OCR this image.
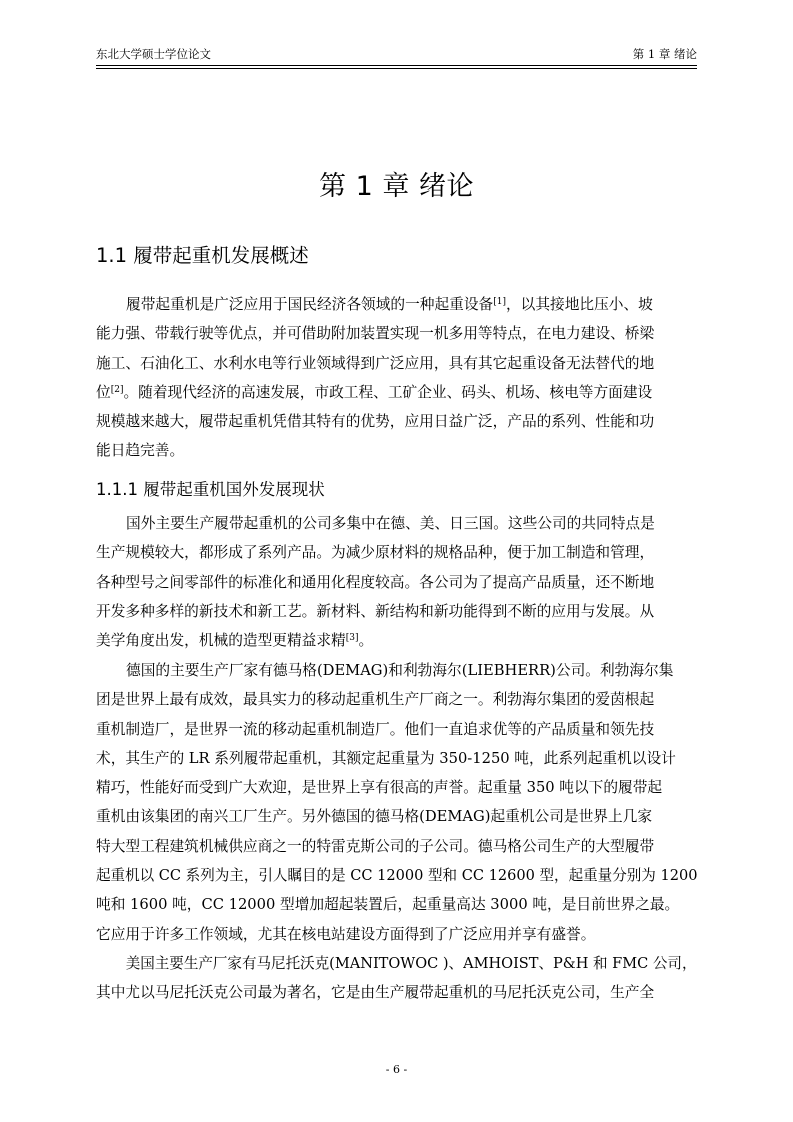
东北大学硕士学位论文	第 1 章 绪论
第 1 章 绪论
1.1 履带起重机发展概述
履带起重机是广泛应用于国民经济各领域的一种起重设备[1]，以其接地比压小、坡
能力强、带载行驶等优点，并可借助附加装置实现一机多用等特点，在电力建设、桥梁
施工、石油化工、水利水电等行业领域得到广泛应用，具有其它起重设备无法替代的地
位[2]。随着现代经济的高速发展，市政工程、工矿企业、码头、机场、核电等方面建设
规模越来越大，履带起重机凭借其特有的优势，应用日益广泛，产品的系列、性能和功
能日趋完善。
1.1.1 履带起重机国外发展现状
国外主要生产履带起重机的公司多集中在德、美、日三国。这些公司的共同特点是
生产规模较大，都形成了系列产品。为减少原材料的规格品种，便于加工制造和管理，
各种型号之间零部件的标准化和通用化程度较高。各公司为了提高产品质量，还不断地
开发多种多样的新技术和新工艺。新材料、新结构和新功能得到不断的应用与发展。从
美学角度出发，机械的造型更精益求精[3]。
德国的主要生产厂家有德马格(DEMAG)和利勃海尔(LIEBHERR)公司。利勃海尔集
团是世界上最有成效，最具实力的移动起重机生产厂商之一。利勃海尔集团的爱茵根起
重机制造厂，是世界一流的移动起重机制造厂。他们一直追求优等的产品质量和领先技
术，其生产的 LR 系列履带起重机，其额定起重量为 350-1250 吨，此系列起重机以设计
精巧，性能好而受到广大欢迎，是世界上享有很高的声誉。起重量 350 吨以下的履带起
重机由该集团的南兴工厂生产。另外德国的德马格(DEMAG)起重机公司是世界上几家
特大型工程建筑机械供应商之一的特雷克斯公司的子公司。德马格公司生产的大型履带
起重机以 CC 系列为主，引人瞩目的是 CC 12000 型和 CC 12600 型，起重量分别为 1200
吨和 1600 吨，CC 12000 型增加超起装置后，起重量高达 3000 吨，是目前世界之最。
它应用于许多工作领域，尤其在核电站建设方面得到了广泛应用并享有盛誉。
美国主要生产厂家有马尼托沃克(MANITOWOC )、AMHOIST、P&H 和 FMC 公司，
其中尤以马尼托沃克公司最为著名，它是由生产履带起重机的马尼托沃克公司，生产全
- 6 -
